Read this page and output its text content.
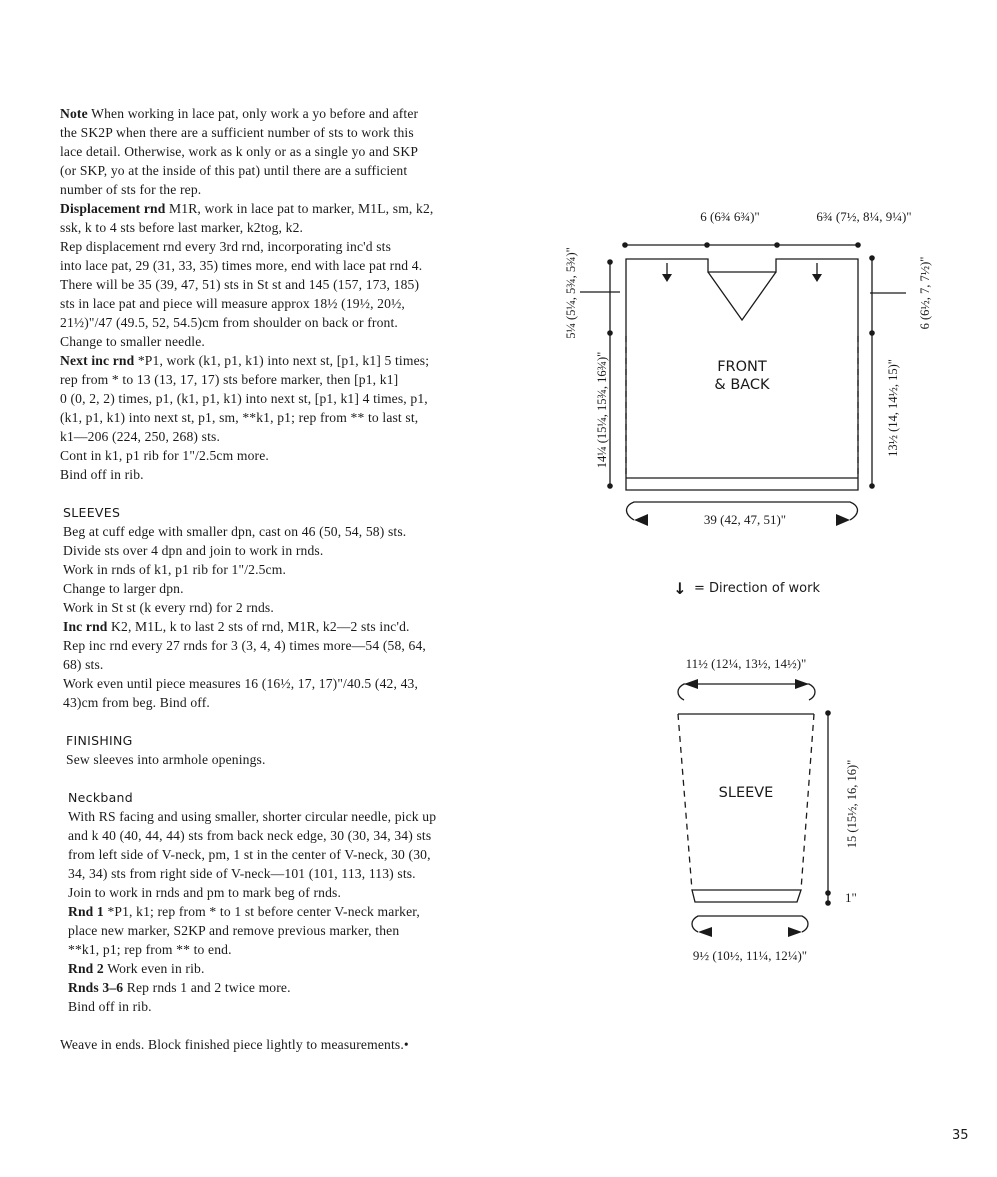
Note When working in lace pat, only work a yo before and after

the SK2P when there are a sufficient number of sts to work this

lace detail. Otherwise, work as k only or as a single yo and SKP

(or SKP, yo at the inside of this pat) until there are a sufficient

number of sts for the rep.

Displacement rnd M1R, work in lace pat to marker, M1L, sm, k2,

ssk, k to 4 sts before last marker, k2tog, k2.

Rep displacement rnd every 3rd rnd, incorporating inc'd sts

into lace pat, 29 (31, 33, 35) times more, end with lace pat rnd 4.

There will be 35 (39, 47, 51) sts in St st and 145 (157, 173, 185)

sts in lace pat and piece will measure approx 18½ (19½, 20½,

21½)"/47 (49.5, 52, 54.5)cm from shoulder on back or front.

Change to smaller needle.

Next inc rnd *P1, work (k1, p1, k1) into next st, [p1, k1] 5 times;

rep from * to 13 (13, 17, 17) sts before marker, then [p1, k1]

0 (0, 2, 2) times, p1, (k1, p1, k1) into next st, [p1, k1] 4 times, p1,

(k1, p1, k1) into next st, p1, sm, **k1, p1; rep from ** to last st,

k1—206 (224, 250, 268) sts.

Cont in k1, p1 rib for 1"/2.5cm more.

Bind off in rib.

SLEEVES

Beg at cuff edge with smaller dpn, cast on 46 (50, 54, 58) sts.

Divide sts over 4 dpn and join to work in rnds.

Work in rnds of k1, p1 rib for 1"/2.5cm.

Change to larger dpn.

Work in St st (k every rnd) for 2 rnds.

Inc rnd K2, M1L, k to last 2 sts of rnd, M1R, k2—2 sts inc'd.

Rep inc rnd every 27 rnds for 3 (3, 4, 4) times more—54 (58, 64,

68) sts.

Work even until piece measures 16 (16½, 17, 17)"/40.5 (42, 43,

43)cm from beg. Bind off.

FINISHING

Sew sleeves into armhole openings.

Neckband

With RS facing and using smaller, shorter circular needle, pick up

and k 40 (40, 44, 44) sts from back neck edge, 30 (30, 34, 34) sts

from left side of V-neck, pm, 1 st in the center of V-neck, 30 (30,

34, 34) sts from right side of V-neck—101 (101, 113, 113) sts.

Join to work in rnds and pm to mark beg of rnds.

Rnd 1 *P1, k1; rep from * to 1 st before center V-neck marker,

place new marker, S2KP and remove previous marker, then

**k1, p1; rep from ** to end.

Rnd 2 Work even in rib.

Rnds 3–6 Rep rnds 1 and 2 twice more.

Bind off in rib.

Weave in ends. Block finished piece lightly to measurements.•

FRONT
& BACK
6 (6¾ 6¾)"	6¾ (7½, 8¼, 9¼)"
5¼ (5¼, 5¾, 5¾)"
14¼ (15¼, 15¾, 16¾)"
6 (6½, 7, 7½)"
13½ (14, 14½, 15)"
39 (42, 47, 51)"
↓ = Direction of work
SLEEVE
11½ (12¼, 13½, 14½)"
15 (15½, 16, 16)"
1"
9½ (10½, 11¼, 12¼)"
35
